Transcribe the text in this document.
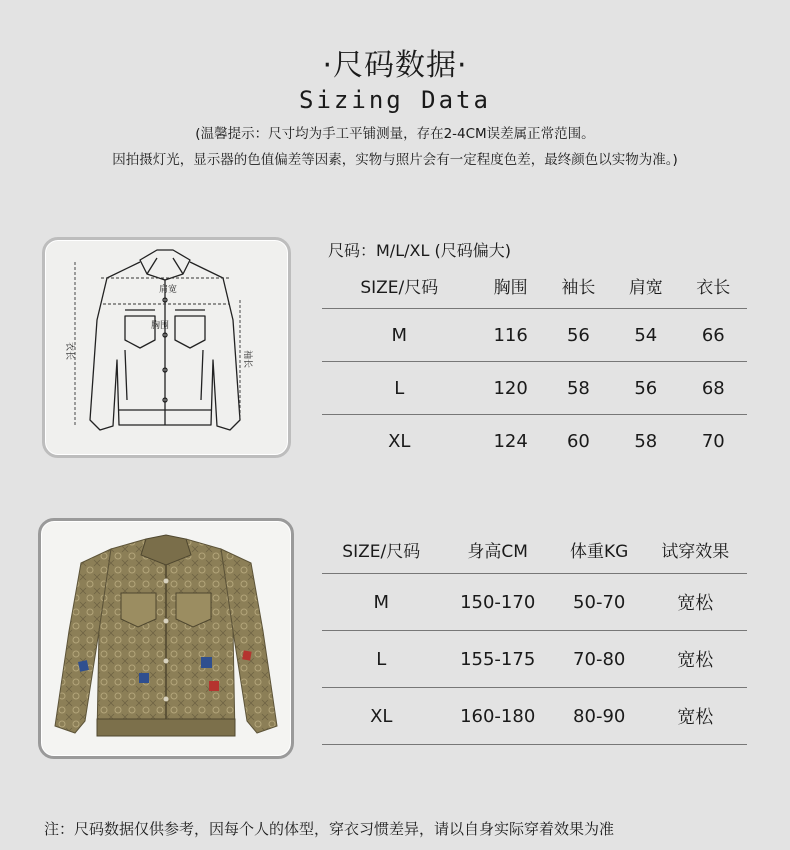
·尺码数据·
Sizing Data
(温馨提示：尺寸均为手工平铺测量，存在2-4CM误差属正常范围。
因拍摄灯光，显示器的色值偏差等因素，实物与照片会有一定程度色差，最终颜色以实物为准。)
肩宽
胸围
衣长	袖长
尺码：M/L/XL (尺码偏大)
SIZE/尺码	胸围	袖长	肩宽	衣长
M	116	56	54	66
L	120	58	56	68
XL	124	60	58	70
SIZE/尺码	身高CM	体重KG	试穿效果
M	150-170	50-70	宽松
L	155-175	70-80	宽松
XL	160-180	80-90	宽松
注：尺码数据仅供参考，因每个人的体型，穿衣习惯差异，请以自身实际穿着效果为准
